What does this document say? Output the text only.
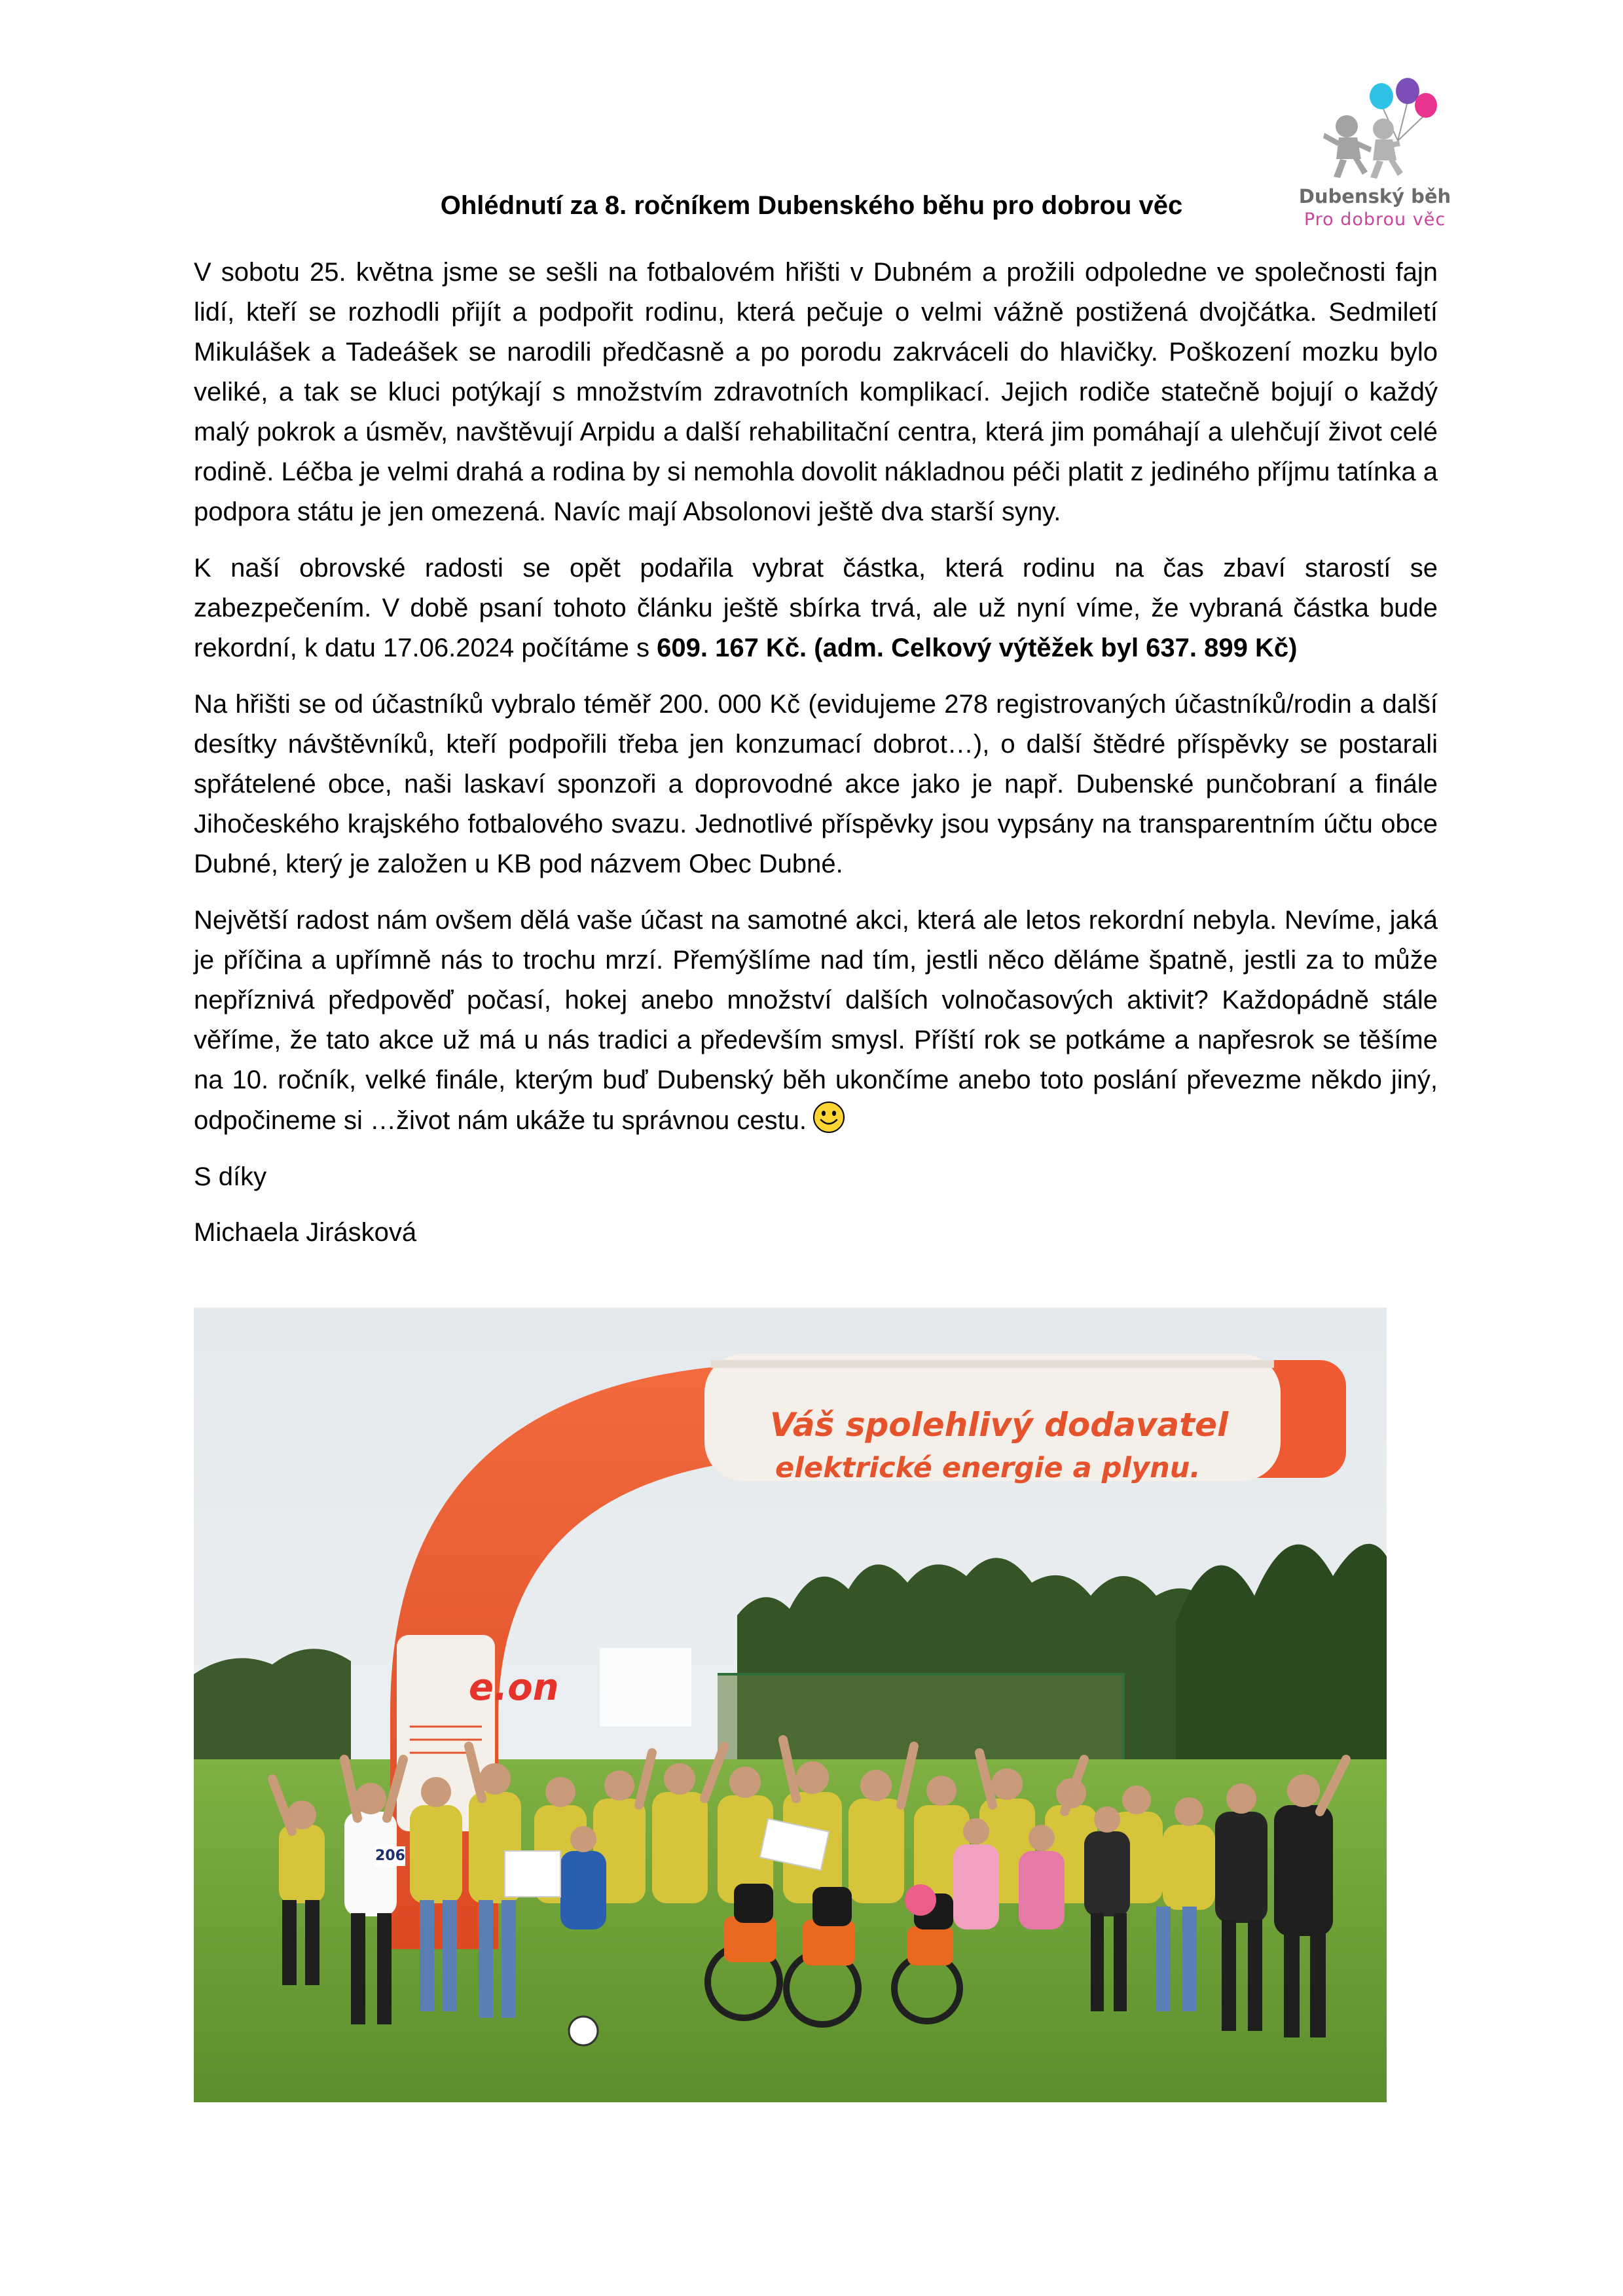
Dubenský běh
Pro dobrou věc
Ohlédnutí za 8. ročníkem Dubenského běhu pro dobrou věc

V sobotu 25. května jsme se sešli na fotbalovém hřišti v Dubném a prožili odpoledne ve společnosti fajn lidí, kteří se rozhodli přijít a podpořit rodinu, která pečuje o velmi vážně postižená dvojčátka. Sedmiletí Mikulášek a Tadeášek se narodili předčasně a po porodu zakrváceli do hlavičky. Poškození mozku bylo veliké, a tak se kluci potýkají s množstvím zdravotních komplikací. Jejich rodiče statečně bojují o každý malý pokrok a úsměv, navštěvují Arpidu a další rehabilitační centra, která jim pomáhají a ulehčují život celé rodině. Léčba je velmi drahá a rodina by si nemohla dovolit nákladnou péči platit z jediného příjmu tatínka a podpora státu je jen omezená. Navíc mají Absolonovi ještě dva starší syny.

K naší obrovské radosti se opět podařila vybrat částka, která rodinu na čas zbaví starostí se zabezpečením. V době psaní tohoto článku ještě sbírka trvá, ale už nyní víme, že vybraná částka bude rekordní, k datu 17.06.2024 počítáme s 609. 167 Kč. (adm. Celkový výtěžek byl 637. 899 Kč)

Na hřišti se od účastníků vybralo téměř 200. 000 Kč (evidujeme 278 registrovaných účastníků/rodin a další desítky návštěvníků, kteří podpořili třeba jen konzumací dobrot…), o další štědré příspěvky se postarali spřátelené obce, naši laskaví sponzoři a doprovodné akce jako je např. Dubenské punčobraní a finále Jihočeského krajského fotbalového svazu. Jednotlivé příspěvky jsou vypsány na transparentním účtu obce Dubné, který je založen u KB pod názvem Obec Dubné.

Největší radost nám ovšem dělá vaše účast na samotné akci, která ale letos rekordní nebyla. Nevíme, jaká je příčina a upřímně nás to trochu mrzí. Přemýšlíme nad tím, jestli něco děláme špatně, jestli za to může nepříznivá předpověď počasí, hokej anebo množství dalších volnočasových aktivit? Každopádně stále věříme, že tato akce už má u nás tradici a především smysl. Příští rok se potkáme a napřesrok se těšíme na 10. ročník, velké finále, kterým buď Dubenský běh ukončíme anebo toto poslání převezme někdo jiný, odpočineme si …život nám ukáže tu správnou cestu.

S díky

Michaela Jirásková

Váš spolehlivý dodavatel
elektrické energie a plynu.
e.on
206
